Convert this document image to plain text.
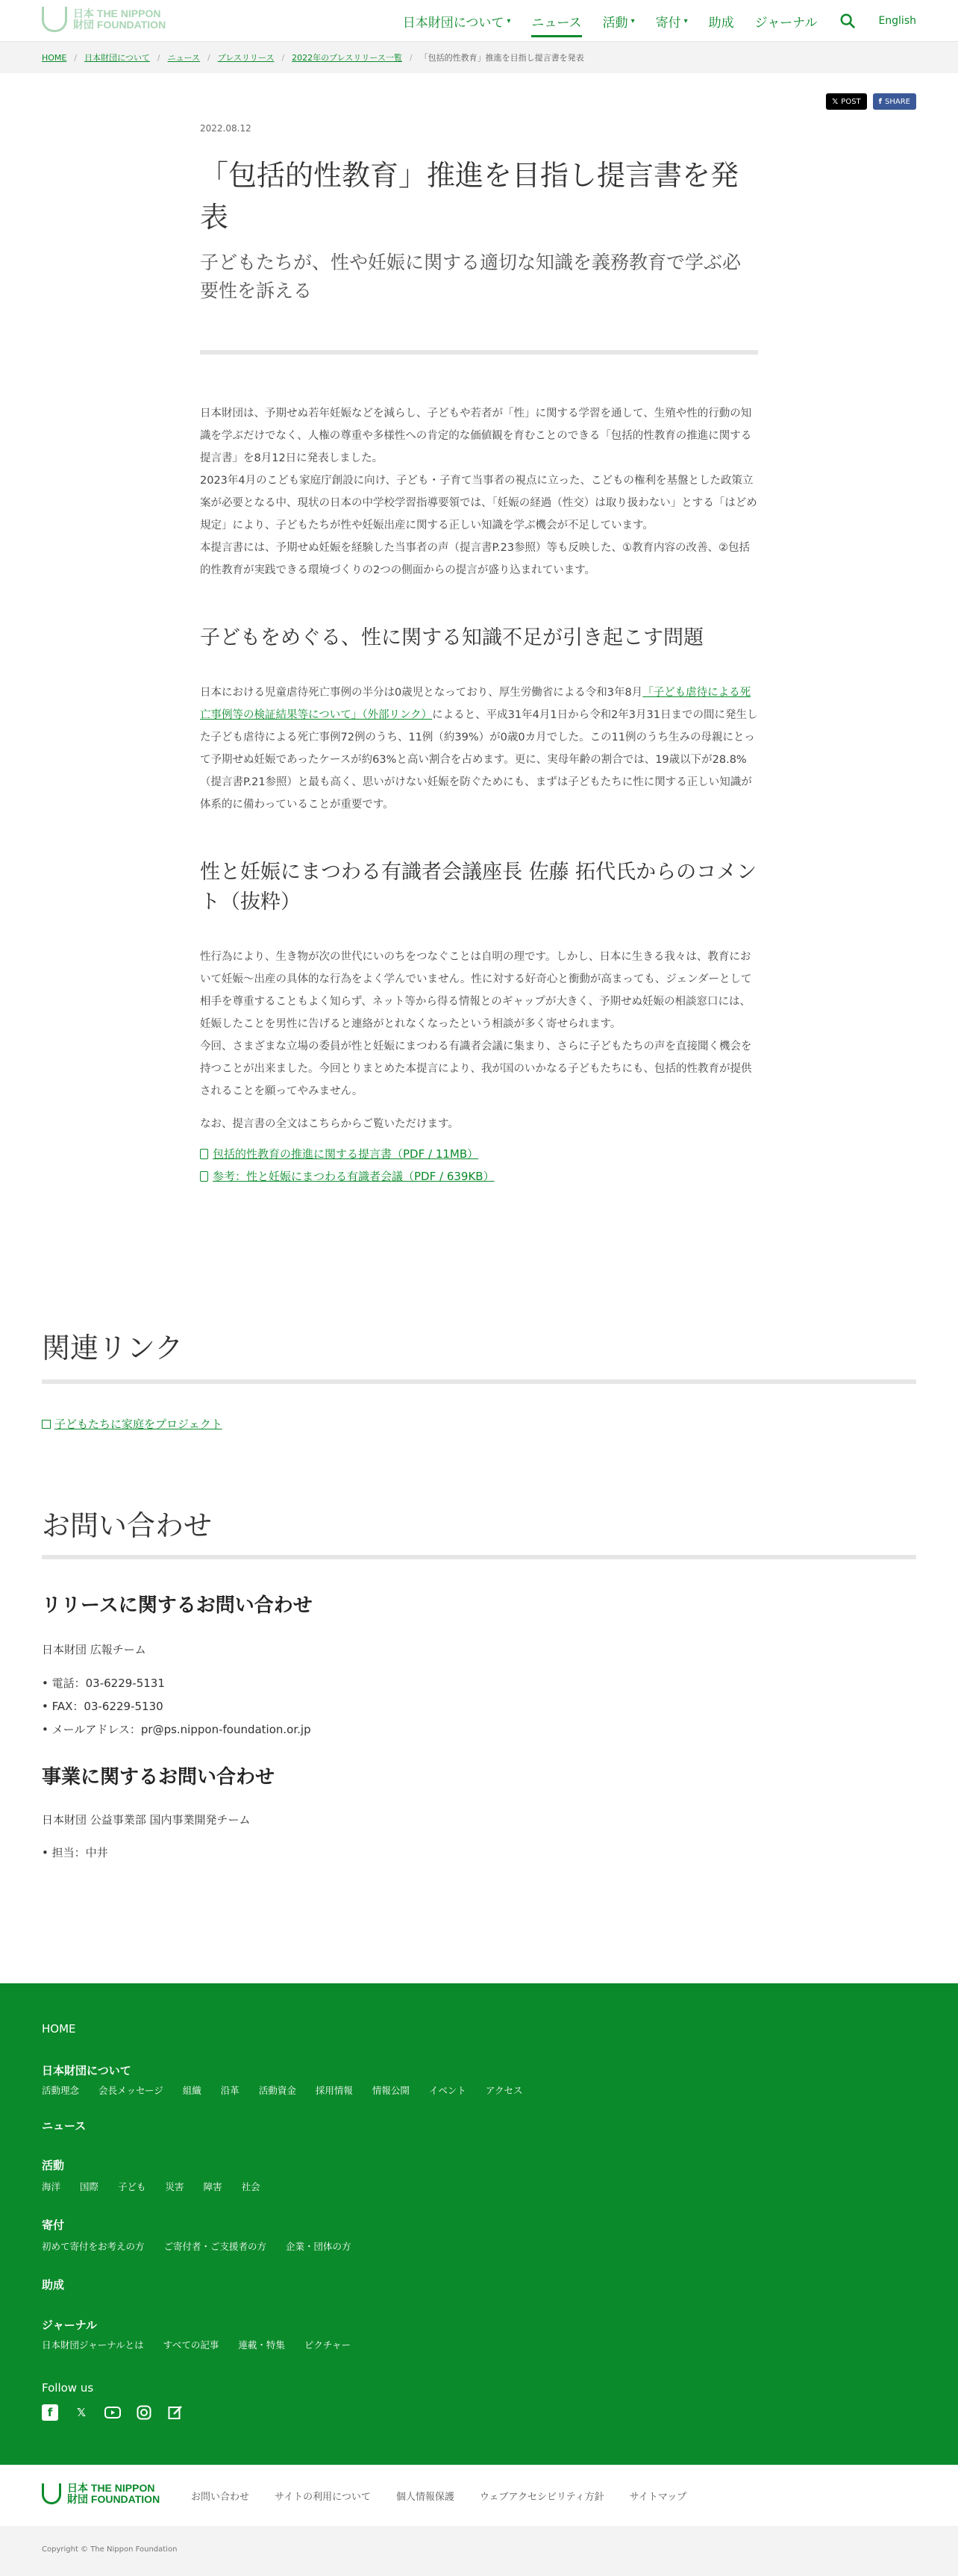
日本 THE NIPPON
財団 FOUNDATION	日本財団について ▾ ニュース 活動 ▾ 寄付 ▾ 助成 ジャーナル	English
HOME / 日本財団について / ニュース / プレスリリース / 2022年のプレスリリース一覧 / 「包括的性教育」推進を目指し提言書を発表
𝕏 POST f SHARE
2022.08.12
「包括的性教育」推進を目指し提言書を発表
子どもたちが、性や妊娠に関する適切な知識を義務教育で学ぶ必要性を訴える

日本財団は、予期せぬ若年妊娠などを減らし、子どもや若者が「性」に関する学習を通して、生殖や性的行動の知識を学ぶだけでなく、人権の尊重や多様性への肯定的な価値観を育むことのできる「包括的性教育の推進に関する提言書」を8月12日に発表しました。

2023年4月のこども家庭庁創設に向け、子ども・子育て当事者の視点に立った、こどもの権利を基盤とした政策立案が必要となる中、現状の日本の中学校学習指導要領では、「妊娠の経過（性交）は取り扱わない」とする「はどめ規定」により、子どもたちが性や妊娠出産に関する正しい知識を学ぶ機会が不足しています。

本提言書には、予期せぬ妊娠を経験した当事者の声（提言書P.23参照）等も反映した、①教育内容の改善、②包括的性教育が実践できる環境づくりの2つの側面からの提言が盛り込まれています。

子どもをめぐる、性に関する知識不足が引き起こす問題

日本における児童虐待死亡事例の半分は0歳児となっており、厚生労働省による令和3年8月「子ども虐待による死亡事例等の検証結果等について」（外部リンク）によると、平成31年4月1日から令和2年3月31日までの間に発生した子ども虐待による死亡事例72例のうち、11例（約39%）が0歳0カ月でした。この11例のうち生みの母親にとって予期せぬ妊娠であったケースが約63%と高い割合を占めます。更に、実母年齢の割合では、19歳以下が28.8%（提言書P.21参照）と最も高く、思いがけない妊娠を防ぐためにも、まずは子どもたちに性に関する正しい知識が体系的に備わっていることが重要です。

性と妊娠にまつわる有識者会議座長 佐藤 拓代氏からのコメント（抜粋）

性行為により、生き物が次の世代にいのちをつなぐことは自明の理です。しかし、日本に生きる我々は、教育において妊娠〜出産の具体的な行為をよく学んでいません。性に対する好奇心と衝動が高まっても、ジェンダーとして相手を尊重することもよく知らず、ネット等から得る情報とのギャップが大きく、予期せぬ妊娠の相談窓口には、妊娠したことを男性に告げると連絡がとれなくなったという相談が多く寄せられます。

今回、さまざまな立場の委員が性と妊娠にまつわる有識者会議に集まり、さらに子どもたちの声を直接聞く機会を持つことが出来ました。今回とりまとめた本提言により、我が国のいかなる子どもたちにも、包括的性教育が提供されることを願ってやみません。

なお、提言書の全文はこちらからご覧いただけます。

包括的性教育の推進に関する提言書（PDF / 11MB）
参考：性と妊娠にまつわる有識者会議（PDF / 639KB）
関連リンク
子どもたちに家庭をプロジェクト
お問い合わせ
リリースに関するお問い合わせ
日本財団 広報チーム
• 電話：03-6229-5131
• FAX：03-6229-5130
• メールアドレス：pr@ps.nippon-foundation.or.jp
事業に関するお問い合わせ
日本財団 公益事業部 国内事業開発チーム
• 担当：中井
HOME
日本財団について
活動理念 会長メッセージ 組織 沿革 活動資金 採用情報 情報公開 イベント アクセス
ニュース
活動
海洋 国際 子ども 災害 障害 社会
寄付
初めて寄付をお考えの方 ご寄付者・ご支援者の方 企業・団体の方
助成
ジャーナル
日本財団ジャーナルとは すべての記事 連載・特集 ピクチャー
Follow us
f	𝕏
日本 THE NIPPON
財団 FOUNDATION	お問い合わせ	サイトの利用について	個人情報保護	ウェブアクセシビリティ方針	サイトマップ
Copyright © The Nippon Foundation
